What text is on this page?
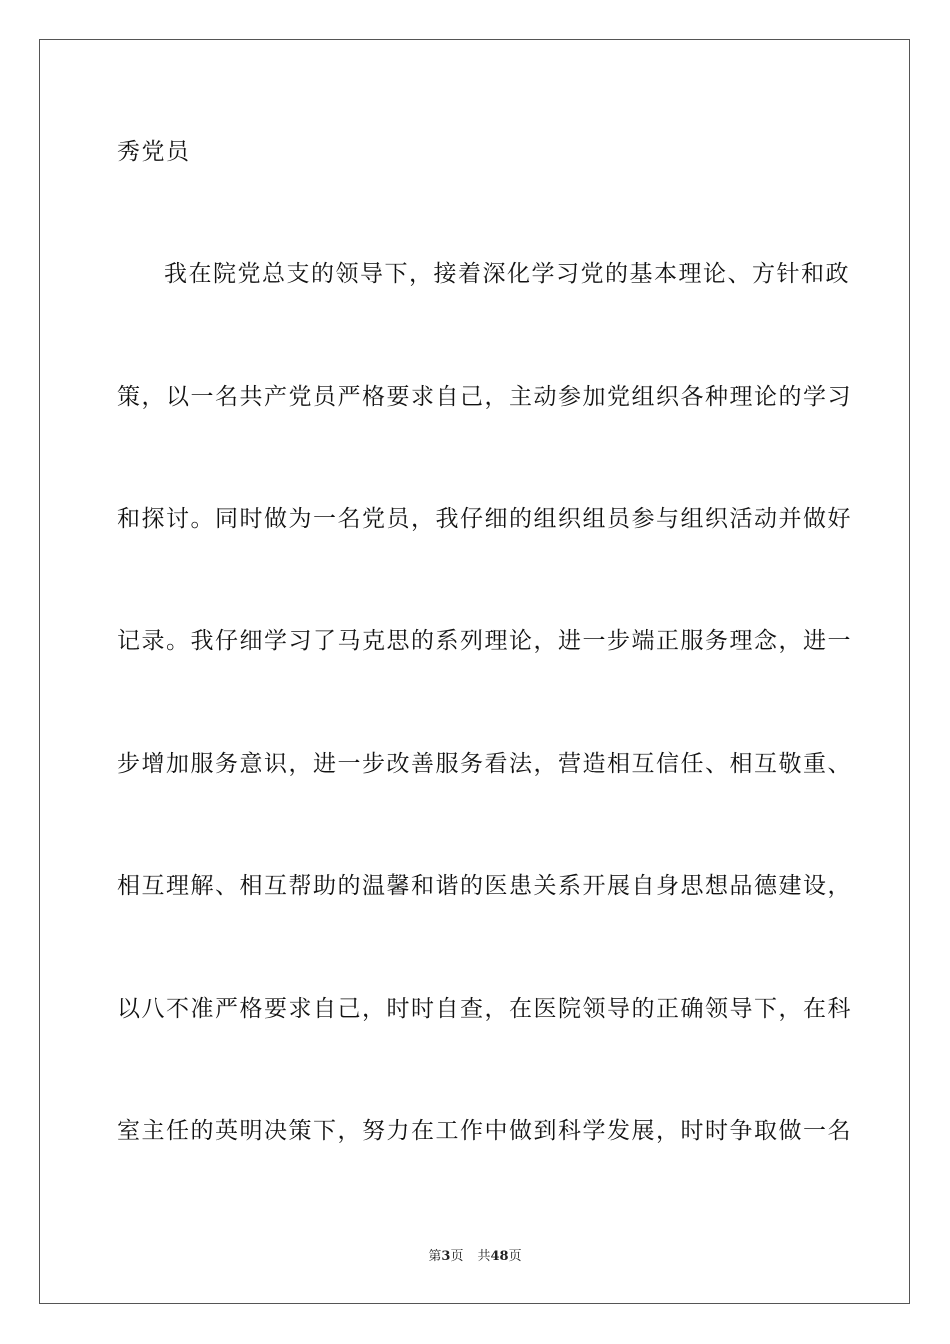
秀党员
我在院党总支的领导下，接着深化学习党的基本理论、方针和政
策，以一名共产党员严格要求自己，主动参加党组织各种理论的学习
和探讨。同时做为一名党员，我仔细的组织组员参与组织活动并做好
记录。我仔细学习了马克思的系列理论，进一步端正服务理念，进一
步增加服务意识，进一步改善服务看法，营造相互信任、相互敬重、
相互理解、相互帮助的温馨和谐的医患关系开展自身思想品德建设，
以八不准严格要求自己，时时自查，在医院领导的正确领导下，在科
室主任的英明决策下，努力在工作中做到科学发展，时时争取做一名
第3页 共48页
